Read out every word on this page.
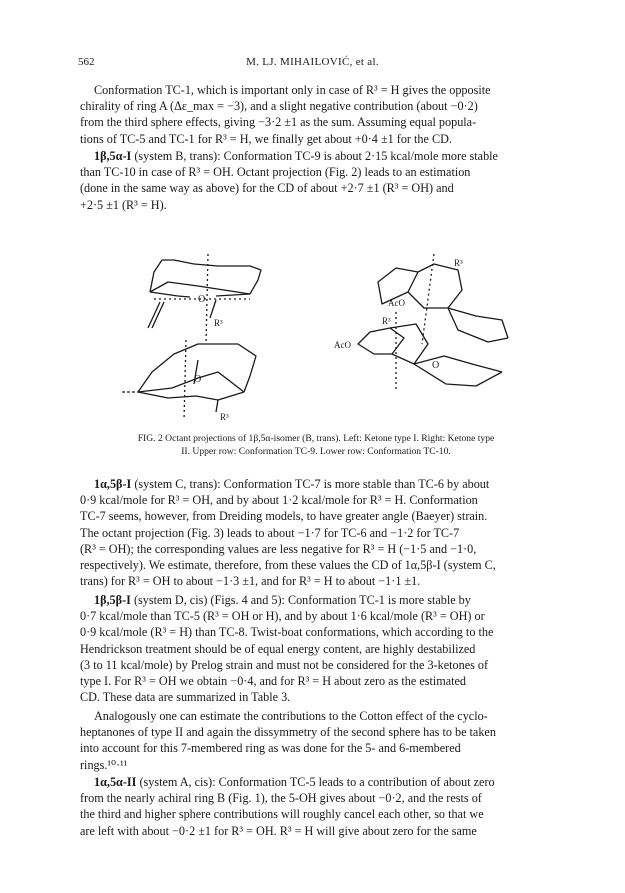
562	M. LJ. MIHAILOVIĆ, et al.

Conformation TC-1, which is important only in case of R³ = H gives the opposite

chirality of ring A (Δε_max = −3), and a slight negative contribution (about −0·2)

from the third sphere effects, giving −3·2 ±1 as the sum. Assuming equal popula-

tions of TC-5 and TC-1 for R³ = H, we finally get about +0·4 ±1 for the CD.

1β,5α-I (system B, trans): Conformation TC-9 is about 2·15 kcal/mole more stable

than TC-10 in case of R³ = OH. Octant projection (Fig. 2) leads to an estimation

(done in the same way as above) for the CD of about +2·7 ±1 (R³ = OH) and

+2·5 ±1 (R³ = H).

O
R³
AcO
R³
O
R³
AcO
R³
O
FIG. 2 Octant projections of 1β,5α-isomer (B, trans). Left: Ketone type I. Right: Ketone type
II. Upper row: Conformation TC-9. Lower row: Conformation TC-10.

1α,5β-I (system C, trans): Conformation TC-7 is more stable than TC-6 by about

0·9 kcal/mole for R³ = OH, and by about 1·2 kcal/mole for R³ = H. Conformation

TC-7 seems, however, from Dreiding models, to have greater angle (Baeyer) strain.

The octant projection (Fig. 3) leads to about −1·7 for TC-6 and −1·2 for TC-7

(R³ = OH); the corresponding values are less negative for R³ = H (−1·5 and −1·0,

respectively). We estimate, therefore, from these values the CD of 1α,5β-I (system C,

trans) for R³ = OH to about −1·3 ±1, and for R³ = H to about −1·1 ±1.

1β,5β-I (system D, cis) (Figs. 4 and 5): Conformation TC-1 is more stable by

0·7 kcal/mole than TC-5 (R³ = OH or H), and by about 1·6 kcal/mole (R³ = OH) or

0·9 kcal/mole (R³ = H) than TC-8. Twist-boat conformations, which according to the

Hendrickson treatment should be of equal energy content, are highly destabilized

(3 to 11 kcal/mole) by Prelog strain and must not be considered for the 3-ketones of

type I. For R³ = OH we obtain −0·4, and for R³ = H about zero as the estimated

CD. These data are summarized in Table 3.

Analogously one can estimate the contributions to the Cotton effect of the cyclo-

heptanones of type II and again the dissymmetry of the second sphere has to be taken

into account for this 7-membered ring as was done for the 5- and 6-membered

rings.¹⁰·¹¹

1α,5α-II (system A, cis): Conformation TC-5 leads to a contribution of about zero

from the nearly achiral ring B (Fig. 1), the 5-OH gives about −0·2, and the rests of

the third and higher sphere contributions will roughly cancel each other, so that we

are left with about −0·2 ±1 for R³ = OH. R³ = H will give about zero for the same
